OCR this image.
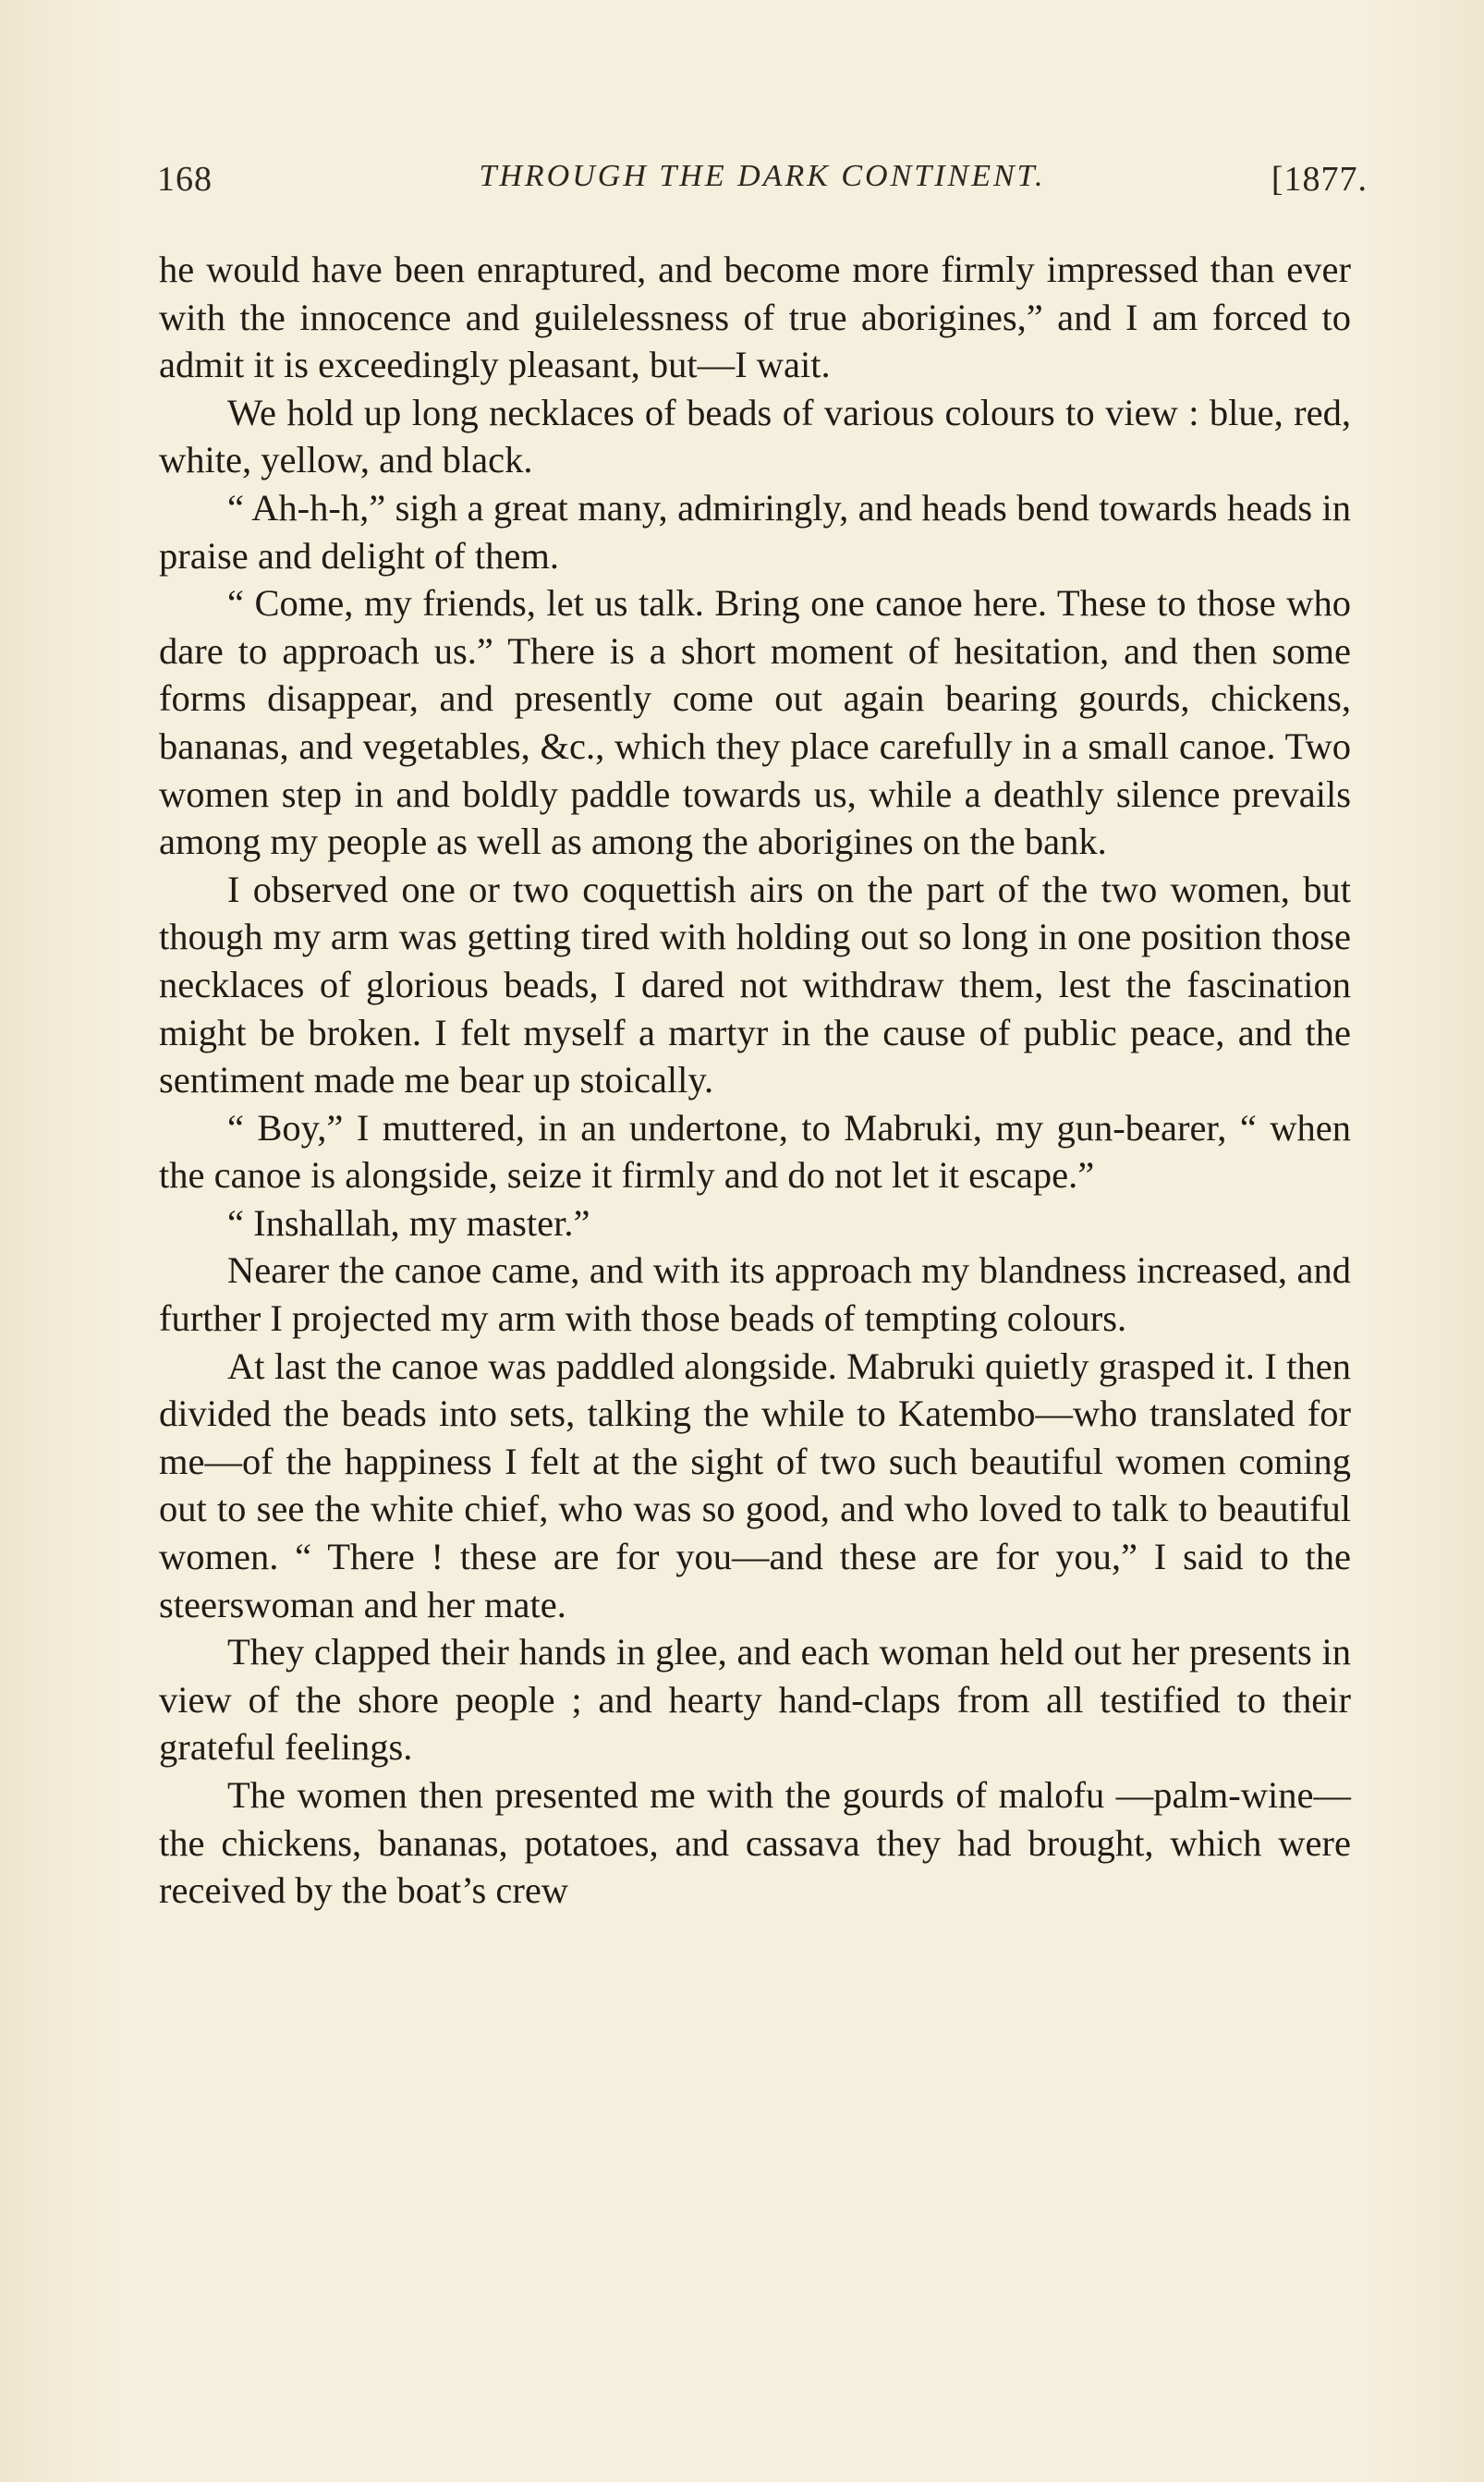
168	THROUGH THE DARK CONTINENT.	[1877.

he would have been enraptured, and become more firmly impressed than ever with the innocence and guilelessness of true aborigines,” and I am forced to admit it is exceedingly pleasant, but—I wait.

We hold up long necklaces of beads of various colours to view : blue, red, white, yellow, and black.

“ Ah-h-h,” sigh a great many, admiringly, and heads bend towards heads in praise and delight of them.

“ Come, my friends, let us talk. Bring one canoe here. These to those who dare to approach us.” There is a short moment of hesitation, and then some forms disappear, and presently come out again bearing gourds, chickens, bananas, and vegetables, &c., which they place carefully in a small canoe. Two women step in and boldly paddle towards us, while a deathly silence prevails among my people as well as among the aborigines on the bank.

I observed one or two coquettish airs on the part of the two women, but though my arm was getting tired with holding out so long in one position those necklaces of glorious beads, I dared not withdraw them, lest the fascination might be broken. I felt myself a martyr in the cause of public peace, and the sentiment made me bear up stoically.

“ Boy,” I muttered, in an undertone, to Mabruki, my gun-bearer, “ when the canoe is alongside, seize it firmly and do not let it escape.”

“ Inshallah, my master.”

Nearer the canoe came, and with its approach my blandness increased, and further I projected my arm with those beads of tempting colours.

At last the canoe was paddled alongside. Mabruki quietly grasped it. I then divided the beads into sets, talking the while to Katembo—who translated for me—of the happiness I felt at the sight of two such beautiful women coming out to see the white chief, who was so good, and who loved to talk to beautiful women. “ There ! these are for you—and these are for you,” I said to the steerswoman and her mate.

They clapped their hands in glee, and each woman held out her presents in view of the shore people ; and hearty hand-claps from all testified to their grateful feelings.

The women then presented me with the gourds of malofu —palm-wine—the chickens, bananas, potatoes, and cassava they had brought, which were received by the boat’s crew
